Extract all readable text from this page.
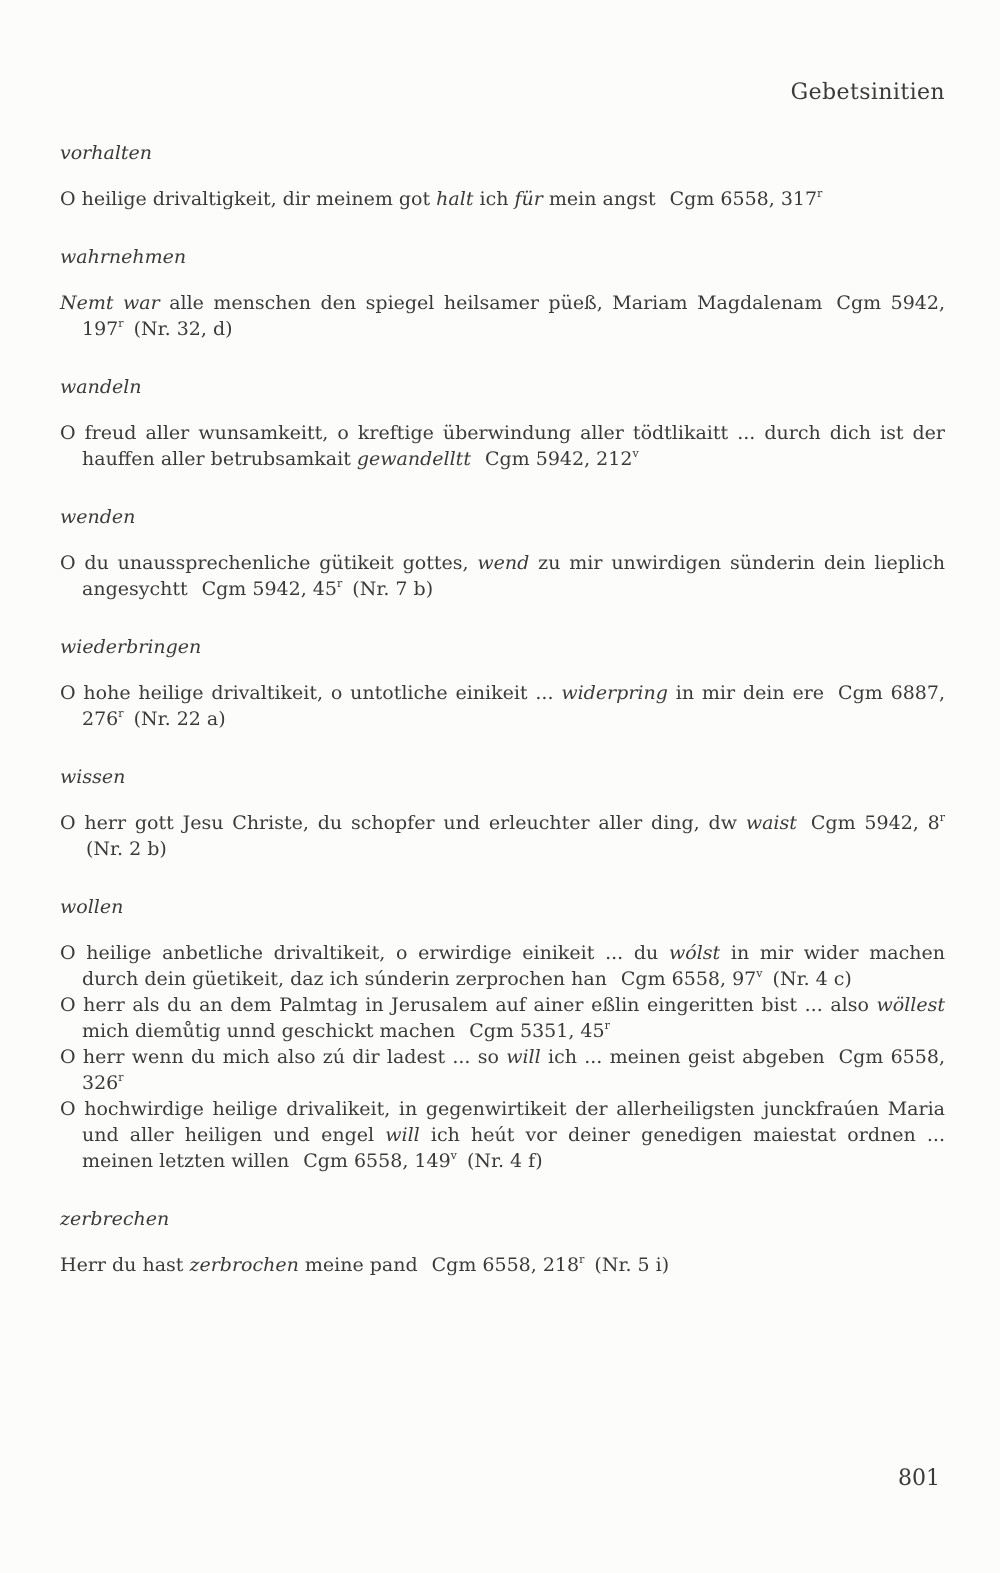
Gebetsinitien
vorhalten
O heilige drivaltigkeit, dir meinem got halt ich für mein angst Cgm 6558, 317$^r$
wahrnehmen
Nemt war alle menschen den spiegel heilsamer püeß, Mariam Magdalenam Cgm 5942, 197$^r$ (Nr. 32, d)
wandeln
O freud aller wunsamkeitt, o kreftige überwindung aller tödtlikaitt ... durch dich ist der hauffen aller betrubsamkait gewandelltt Cgm 5942, 212$^v$
wenden
O du unaussprechenliche gütikeit gottes, wend zu mir unwirdigen sünderin dein lieplich angesychtt Cgm 5942, 45$^r$ (Nr. 7 b)
wiederbringen
O hohe heilige drivaltikeit, o untotliche einikeit ... widerpring in mir dein ere Cgm 6887, 276$^r$ (Nr. 22 a)
wissen
O herr gott Jesu Christe, du schopfer und erleuchter aller ding, dw waist Cgm 5942, 8$^r$ (Nr. 2 b)
wollen
O heilige anbetliche drivaltikeit, o erwirdige einikeit ... du wólst in mir wider machen durch dein güetikeit, daz ich súnderin zerprochen han Cgm 6558, 97$^v$ (Nr. 4 c)
O herr als du an dem Palmtag in Jerusalem auf ainer eßlin eingeritten bist ... also wöllest mich diemůtig unnd geschickt machen Cgm 5351, 45$^r$
O herr wenn du mich also zú dir ladest ... so will ich ... meinen geist abgeben Cgm 6558, 326$^r$
O hochwirdige heilige drivalikeit, in gegenwirtikeit der allerheiligsten junckfraúen Maria und aller heiligen und engel will ich heút vor deiner genedigen maiestat ordnen ... meinen letzten willen Cgm 6558, 149$^v$ (Nr. 4 f)
zerbrechen
Herr du hast zerbrochen meine pand Cgm 6558, 218$^r$ (Nr. 5 i)
801
